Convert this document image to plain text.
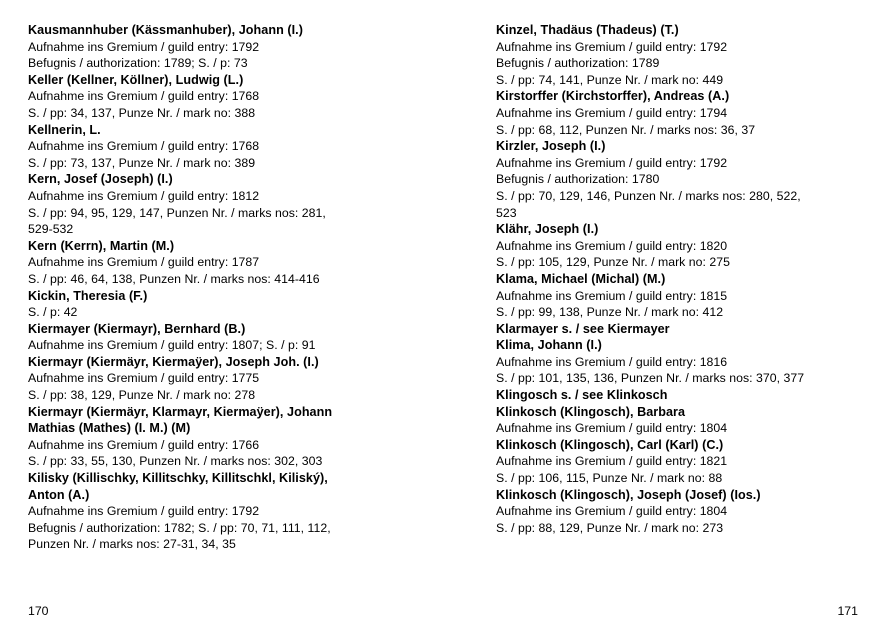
Kausmannhuber (Kässmanhuber), Johann (I.)
Aufnahme ins Gremium / guild entry: 1792
Befugnis / authorization: 1789; S. / p: 73
Keller (Kellner, Köllner), Ludwig (L.)
Aufnahme ins Gremium / guild entry: 1768
S. / pp: 34, 137, Punze Nr. / mark no: 388
Kellnerin, L.
Aufnahme ins Gremium / guild entry: 1768
S. / pp: 73, 137, Punze Nr. / mark no: 389
Kern, Josef (Joseph) (I.)
Aufnahme ins Gremium / guild entry: 1812
S. / pp: 94, 95, 129, 147, Punzen Nr. / marks nos: 281,
529-532
Kern (Kerrn), Martin (M.)
Aufnahme ins Gremium / guild entry: 1787
S. / pp: 46, 64, 138, Punzen Nr. / marks nos: 414-416
Kickin, Theresia (F.)
S. / p: 42
Kiermayer (Kiermayr), Bernhard (B.)
Aufnahme ins Gremium / guild entry: 1807; S. / p: 91
Kiermayr (Kiermäyr, Kiermaÿer), Joseph Joh. (I.)
Aufnahme ins Gremium / guild entry: 1775
S. / pp: 38, 129, Punze Nr. / mark no: 278
Kiermayr (Kiermäyr, Klarmayr, Kiermaÿer), Johann
Mathias (Mathes) (I. M.) (M)
Aufnahme ins Gremium / guild entry: 1766
S. / pp: 33, 55, 130, Punzen Nr. / marks nos: 302, 303
Kilisky (Killischky, Killitschky, Killitschkl, Kiliský),
Anton (A.)
Aufnahme ins Gremium / guild entry: 1792
Befugnis / authorization: 1782; S. / pp: 70, 71, 111, 112,
Punzen Nr. / marks nos: 27-31, 34, 35
Kinzel, Thadäus (Thadeus) (T.)
Aufnahme ins Gremium / guild entry: 1792
Befugnis / authorization: 1789
S. / pp: 74, 141, Punze Nr. / mark no: 449
Kirstorffer (Kirchstorffer), Andreas (A.)
Aufnahme ins Gremium / guild entry: 1794
S. / pp: 68, 112, Punzen Nr. / marks nos: 36, 37
Kirzler, Joseph (I.)
Aufnahme ins Gremium / guild entry: 1792
Befugnis / authorization: 1780
S. / pp: 70, 129, 146, Punzen Nr. / marks nos: 280, 522,
523
Klähr, Joseph (I.)
Aufnahme ins Gremium / guild entry: 1820
S. / pp: 105, 129, Punze Nr. / mark no: 275
Klama, Michael (Michal) (M.)
Aufnahme ins Gremium / guild entry: 1815
S. / pp: 99, 138, Punze Nr. / mark no: 412
Klarmayer s. / see Kiermayer
Klima, Johann (I.)
Aufnahme ins Gremium / guild entry: 1816
S. / pp: 101, 135, 136, Punzen Nr. / marks nos: 370, 377
Klingosch s. / see Klinkosch
Klinkosch (Klingosch), Barbara
Aufnahme ins Gremium / guild entry: 1804
Klinkosch (Klingosch), Carl (Karl) (C.)
Aufnahme ins Gremium / guild entry: 1821
S. / pp: 106, 115, Punze Nr. / mark no: 88
Klinkosch (Klingosch), Joseph (Josef) (Ios.)
Aufnahme ins Gremium / guild entry: 1804
S. / pp: 88, 129, Punze Nr. / mark no: 273
170	171
